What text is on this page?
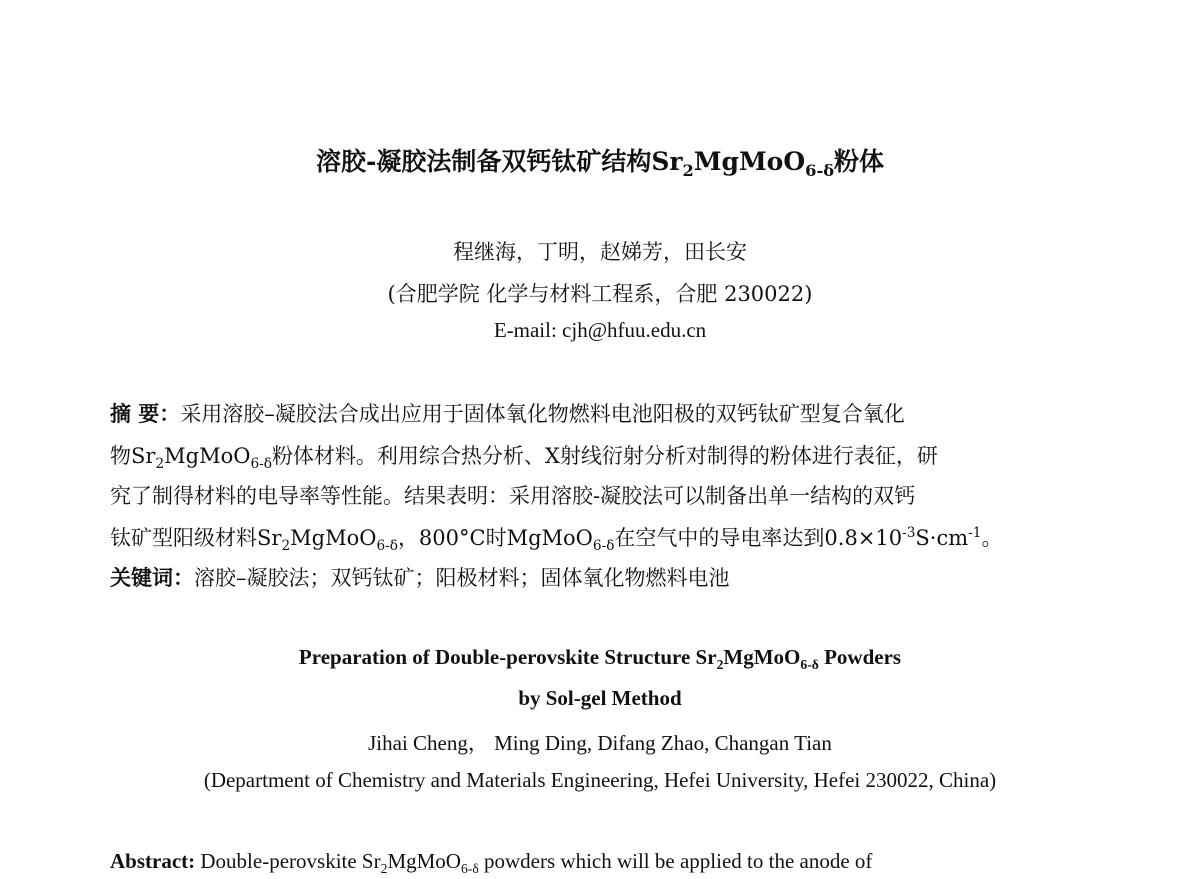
溶胶-凝胶法制备双钙钛矿结构$Sr_2MgMoO_{6-\delta}$粉体
程继海，丁明，赵娣芳，田长安
(合肥学院 化学与材料工程系，合肥 230022)
E-mail: cjh@hfuu.edu.cn
摘 要：采用溶胶–凝胶法合成出应用于固体氧化物燃料电池阳极的双钙钛矿型复合氧化
物$Sr_2MgMoO_{6-\delta}$粉体材料。利用综合热分析、X射线衍射分析对制得的粉体进行表征，研
究了制得材料的电导率等性能。结果表明：采用溶胶-凝胶法可以制备出单一结构的双钙
钛矿型阳级材料$Sr_2MgMoO_{6-\delta}$，800°C时MgMoO$_{6-\delta}$在空气中的导电率达到$0.8\times 10^{-3}S\cdot cm^{-1}$。
关键词：溶胶–凝胶法；双钙钛矿；阳极材料；固体氧化物燃料电池
Preparation of Double-perovskite Structure $Sr_2MgMoO_{6-\delta}$ Powders
by Sol-gel Method
Jihai Cheng， Ming Ding, Difang Zhao, Changan Tian
(Department of Chemistry and Materials Engineering, Hefei University, Hefei 230022, China)
Abstract: Double-perovskite $Sr_2MgMoO_{6-\delta}$ powders which will be applied to the anode of
